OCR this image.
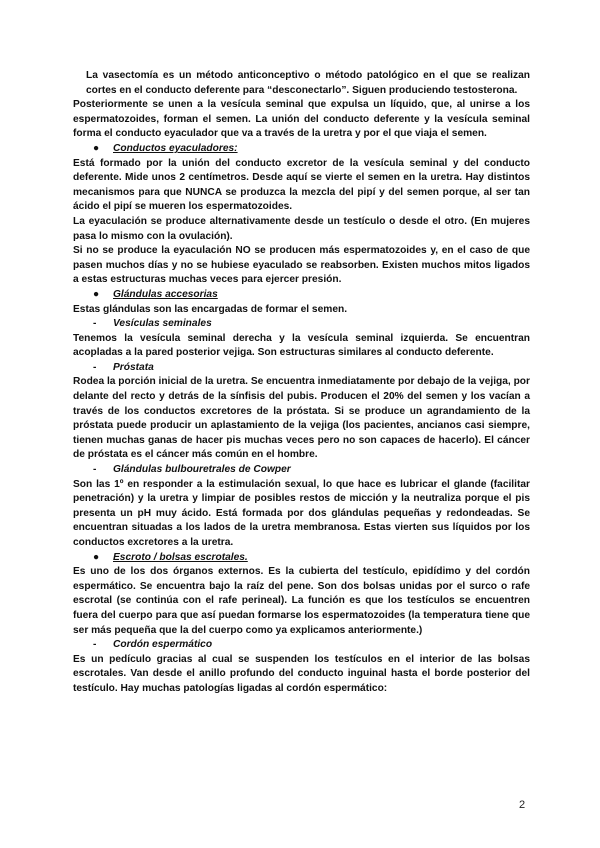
La vasectomía es un método anticonceptivo o método patológico en el que se realizan cortes en el conducto deferente para “desconectarlo”. Siguen produciendo testosterona.

Posteriormente se unen a la vesícula seminal que expulsa un líquido, que, al unirse a los espermatozoides, forman el semen. La unión del conducto deferente y la vesícula seminal forma el conducto eyaculador que va a través de la uretra y por el que viaja el semen.

● Conductos eyaculadores:

Está formado por la unión del conducto excretor de la vesícula seminal y del conducto deferente. Mide unos 2 centímetros. Desde aquí se vierte el semen en la uretra. Hay distintos mecanismos para que NUNCA se produzca la mezcla del pipí y del semen porque, al ser tan ácido el pipí se mueren los espermatozoides.

La eyaculación se produce alternativamente desde un testículo o desde el otro. (En mujeres pasa lo mismo con la ovulación).

Si no se produce la eyaculación NO se producen más espermatozoides y, en el caso de que pasen muchos días y no se hubiese eyaculado se reabsorben. Existen muchos mitos ligados a estas estructuras muchas veces para ejercer presión.

● Glándulas accesorias

Estas glándulas son las encargadas de formar el semen.

- Vesículas seminales

Tenemos la vesícula seminal derecha y la vesícula seminal izquierda. Se encuentran acopladas a la pared posterior vejiga. Son estructuras similares al conducto deferente.

- Próstata

Rodea la porción inicial de la uretra. Se encuentra inmediatamente por debajo de la vejiga, por delante del recto y detrás de la sínfisis del pubis. Producen el 20% del semen y los vacían a través de los conductos excretores de la próstata. Si se produce un agrandamiento de la próstata puede producir un aplastamiento de la vejiga (los pacientes, ancianos casi siempre, tienen muchas ganas de hacer pis muchas veces pero no son capaces de hacerlo). El cáncer de próstata es el cáncer más común en el hombre.

- Glándulas bulbouretrales de Cowper

Son las 1º en responder a la estimulación sexual, lo que hace es lubricar el glande (facilitar penetración) y la uretra y limpiar de posibles restos de micción y la neutraliza porque el pis presenta un pH muy ácido. Está formada por dos glándulas pequeñas y redondeadas. Se encuentran situadas a los lados de la uretra membranosa. Estas vierten sus líquidos por los conductos excretores a la uretra.

● Escroto / bolsas escrotales.

Es uno de los dos órganos externos. Es la cubierta del testículo, epidídimo y del cordón espermático. Se encuentra bajo la raíz del pene. Son dos bolsas unidas por el surco o rafe escrotal (se continúa con el rafe perineal). La función es que los testículos se encuentren fuera del cuerpo para que así puedan formarse los espermatozoides (la temperatura tiene que ser más pequeña que la del cuerpo como ya explicamos anteriormente.)

- Cordón espermático

Es un pedículo gracias al cual se suspenden los testículos en el interior de las bolsas escrotales. Van desde el anillo profundo del conducto inguinal hasta el borde posterior del testículo. Hay muchas patologías ligadas al cordón espermático:

2
